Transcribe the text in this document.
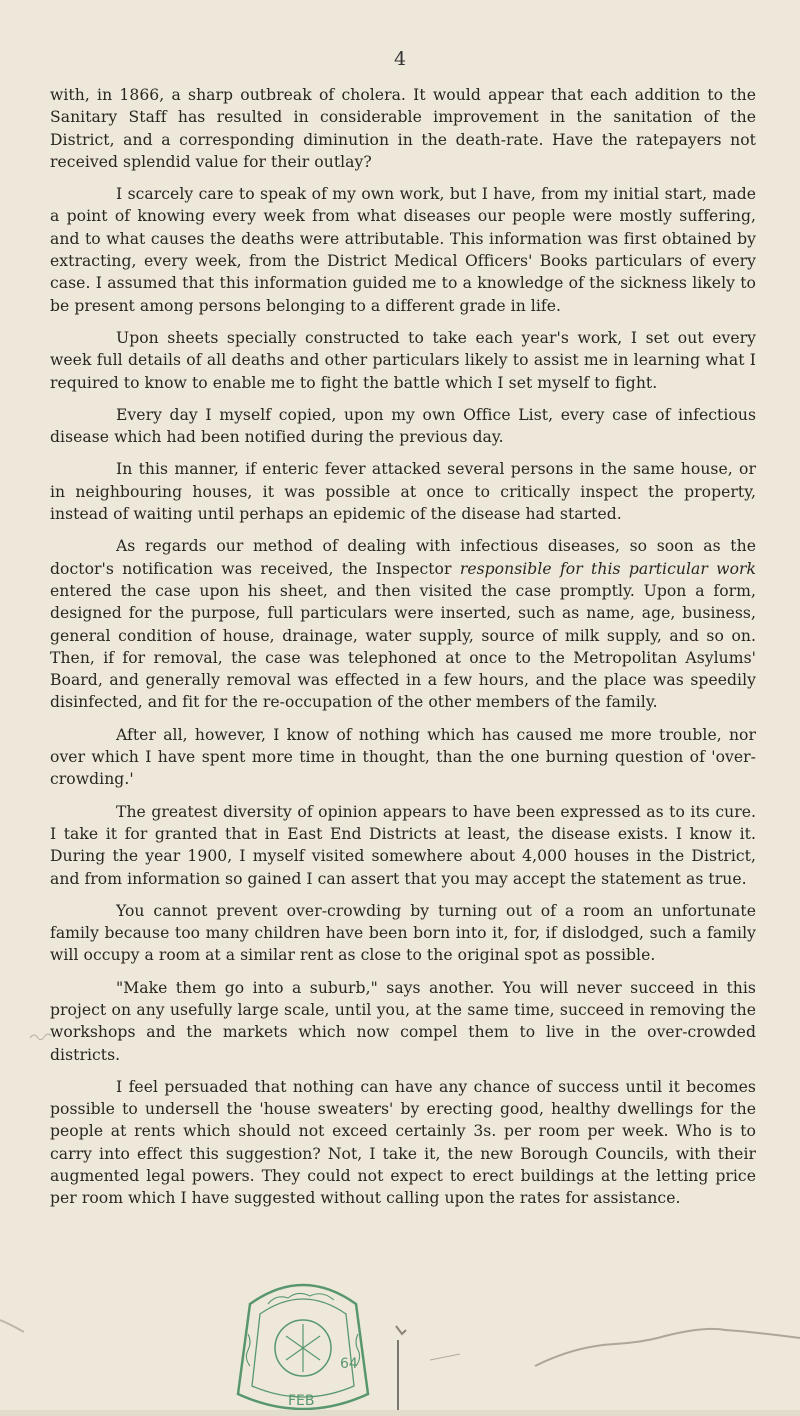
4

with, in 1866, a sharp outbreak of cholera. It would appear that each addition to the Sanitary Staff has resulted in considerable improvement in the sanitation of the District, and a corresponding diminution in the death-rate. Have the ratepayers not received splendid value for their outlay?

I scarcely care to speak of my own work, but I have, from my initial start, made a point of knowing every week from what diseases our people were mostly suffering, and to what causes the deaths were attributable. This information was first obtained by extracting, every week, from the District Medical Officers' Books particulars of every case. I assumed that this information guided me to a knowledge of the sickness likely to be present among persons belonging to a different grade in life.

Upon sheets specially constructed to take each year's work, I set out every week full details of all deaths and other particulars likely to assist me in learning what I required to know to enable me to fight the battle which I set myself to fight.

Every day I myself copied, upon my own Office List, every case of infectious disease which had been notified during the previous day.

In this manner, if enteric fever attacked several persons in the same house, or in neighbouring houses, it was possible at once to critically inspect the property, instead of waiting until perhaps an epidemic of the disease had started.

As regards our method of dealing with infectious diseases, so soon as the doctor's notification was received, the Inspector responsible for this particular work entered the case upon his sheet, and then visited the case promptly. Upon a form, designed for the purpose, full particulars were inserted, such as name, age, business, general condition of house, drainage, water supply, source of milk supply, and so on. Then, if for removal, the case was telephoned at once to the Metropolitan Asylums' Board, and generally removal was effected in a few hours, and the place was speedily disinfected, and fit for the re-occupation of the other members of the family.

After all, however, I know of nothing which has caused me more trouble, nor over which I have spent more time in thought, than the one burning question of 'over-crowding.'

The greatest diversity of opinion appears to have been expressed as to its cure. I take it for granted that in East End Districts at least, the disease exists. I know it. During the year 1900, I myself visited somewhere about 4,000 houses in the District, and from information so gained I can assert that you may accept the statement as true.

You cannot prevent over-crowding by turning out of a room an unfortunate family because too many children have been born into it, for, if dislodged, such a family will occupy a room at a similar rent as close to the original spot as possible.

"Make them go into a suburb," says another. You will never succeed in this project on any usefully large scale, until you, at the same time, succeed in removing the workshops and the markets which now compel them to live in the over-crowded districts.

I feel persuaded that nothing can have any chance of success until it becomes possible to undersell the 'house sweaters' by erecting good, healthy dwellings for the people at rents which should not exceed certainly 3s. per room per week. Who is to carry into effect this suggestion? Not, I take it, the new Borough Councils, with their augmented legal powers. They could not expect to erect buildings at the letting price per room which I have suggested without calling upon the rates for assistance.

64
FEB
